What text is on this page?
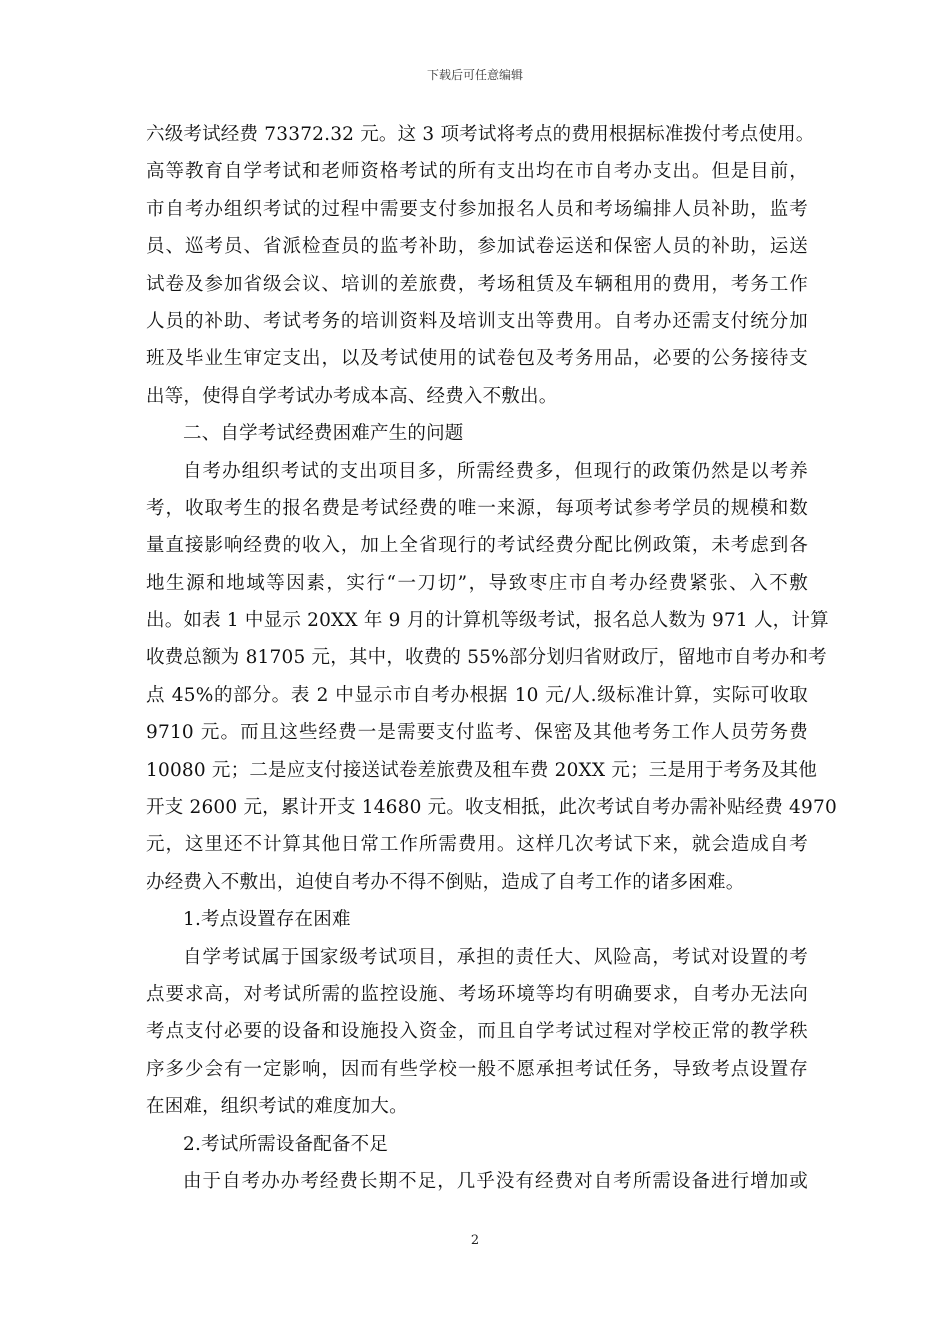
下载后可任意编辑
六级考试经费 73372.32 元。这 3 项考试将考点的费用根据标准拨付考点使用。
高等教育自学考试和老师资格考试的所有支出均在市自考办支出。但是目前，
市自考办组织考试的过程中需要支付参加报名人员和考场编排人员补助，监考
员、巡考员、省派检查员的监考补助，参加试卷运送和保密人员的补助，运送
试卷及参加省级会议、培训的差旅费，考场租赁及车辆租用的费用，考务工作
人员的补助、考试考务的培训资料及培训支出等费用。自考办还需支付统分加
班及毕业生审定支出，以及考试使用的试卷包及考务用品，必要的公务接待支
出等，使得自学考试办考成本高、经费入不敷出。
二、自学考试经费困难产生的问题
自考办组织考试的支出项目多，所需经费多，但现行的政策仍然是以考养
考，收取考生的报名费是考试经费的唯一来源，每项考试参考学员的规模和数
量直接影响经费的收入，加上全省现行的考试经费分配比例政策，未考虑到各
地生源和地域等因素，实行“一刀切”，导致枣庄市自考办经费紧张、入不敷
出。如表 1 中显示 20XX 年 9 月的计算机等级考试，报名总人数为 971 人，计算
收费总额为 81705 元，其中，收费的 55%部分划归省财政厅，留地市自考办和考
点 45%的部分。表 2 中显示市自考办根据 10 元/人.级标准计算，实际可收取
9710 元。而且这些经费一是需要支付监考、保密及其他考务工作人员劳务费
10080 元；二是应支付接送试卷差旅费及租车费 20XX 元；三是用于考务及其他
开支 2600 元，累计开支 14680 元。收支相抵，此次考试自考办需补贴经费 4970
元，这里还不计算其他日常工作所需费用。这样几次考试下来，就会造成自考
办经费入不敷出，迫使自考办不得不倒贴，造成了自考工作的诸多困难。
1.考点设置存在困难
自学考试属于国家级考试项目，承担的责任大、风险高，考试对设置的考
点要求高，对考试所需的监控设施、考场环境等均有明确要求，自考办无法向
考点支付必要的设备和设施投入资金，而且自学考试过程对学校正常的教学秩
序多少会有一定影响，因而有些学校一般不愿承担考试任务，导致考点设置存
在困难，组织考试的难度加大。
2.考试所需设备配备不足
由于自考办办考经费长期不足，几乎没有经费对自考所需设备进行增加或
2
